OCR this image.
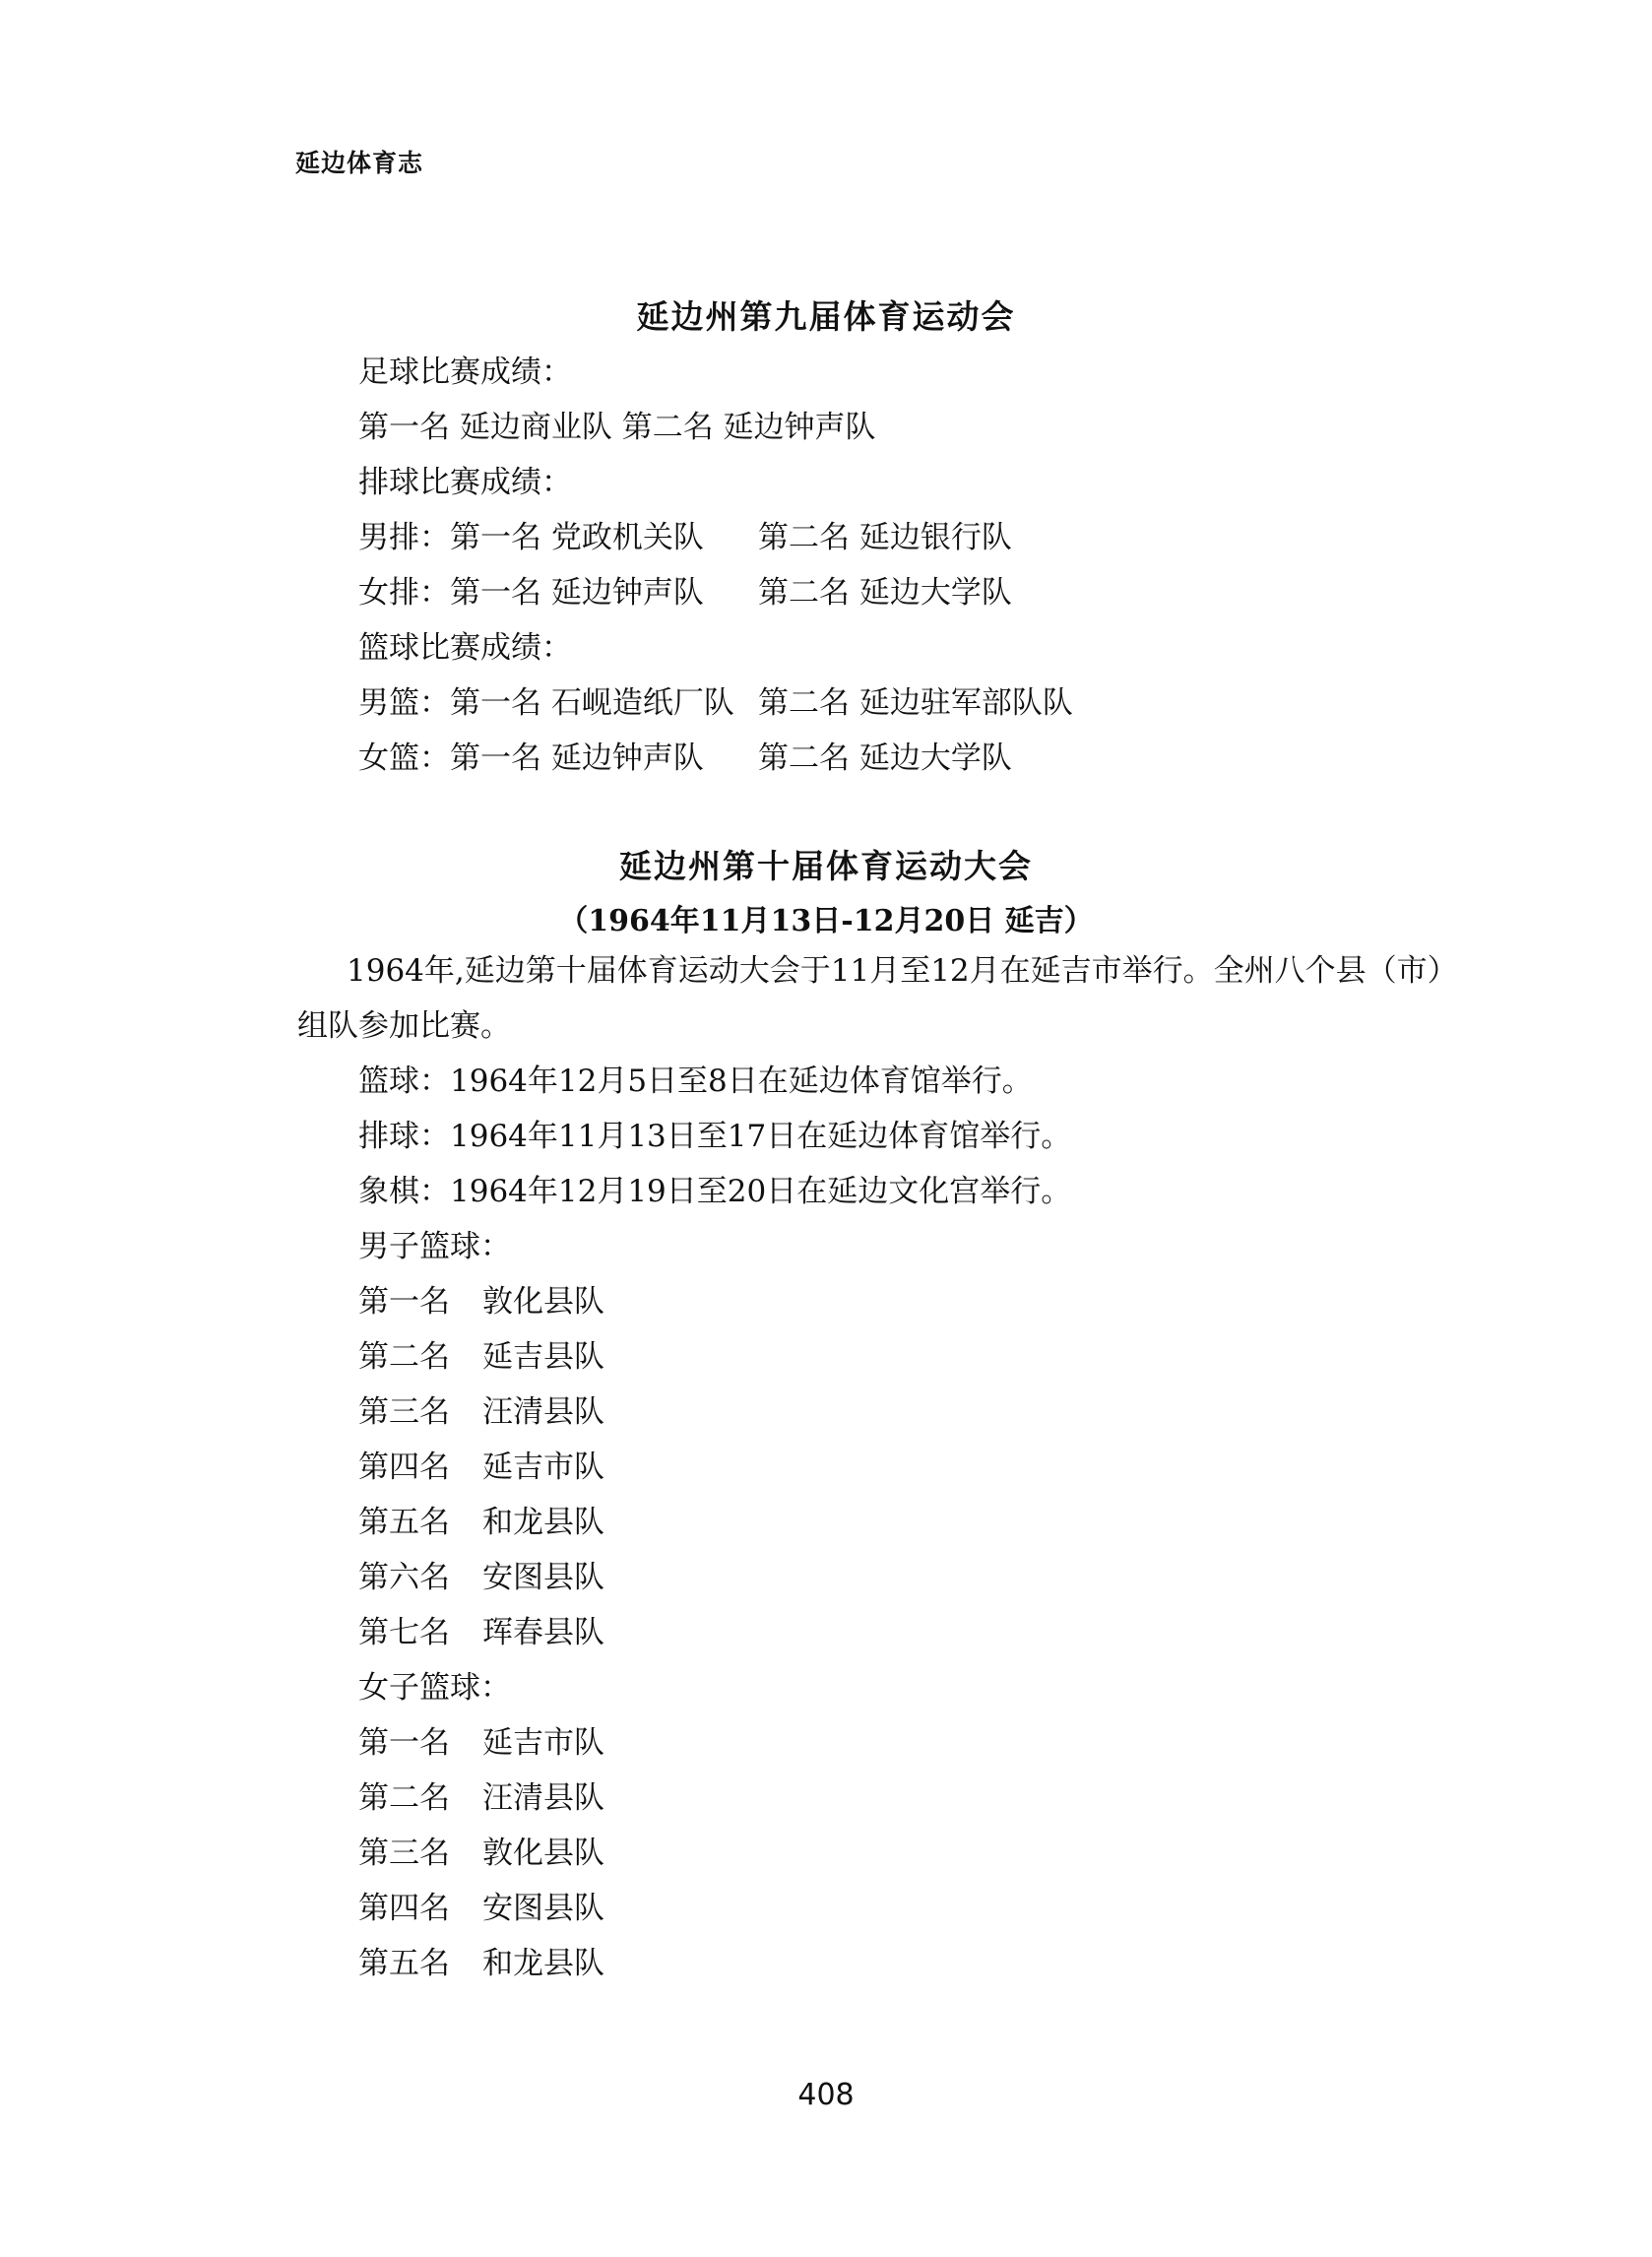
延边体育志
延边州第九届体育运动会
足球比赛成绩：
第一名 延边商业队 第二名 延边钟声队
排球比赛成绩：
男排：第一名 党政机关队 第二名 延边银行队
女排：第一名 延边钟声队 第二名 延边大学队
篮球比赛成绩：
男篮：第一名 石岘造纸厂队 第二名 延边驻军部队队
女篮：第一名 延边钟声队 第二名 延边大学队
延边州第十届体育运动大会
（1964年11月13日-12月20日 延吉）
1964年,延边第十届体育运动大会于11月至12月在延吉市举行。全州八个县（市）
组队参加比赛。
篮球：1964年12月5日至8日在延边体育馆举行。
排球：1964年11月13日至17日在延边体育馆举行。
象棋：1964年12月19日至20日在延边文化宫举行。
男子篮球：
第一名 敦化县队
第二名 延吉县队
第三名 汪清县队
第四名 延吉市队
第五名 和龙县队
第六名 安图县队
第七名 珲春县队
女子篮球：
第一名 延吉市队
第二名 汪清县队
第三名 敦化县队
第四名 安图县队
第五名 和龙县队
408
